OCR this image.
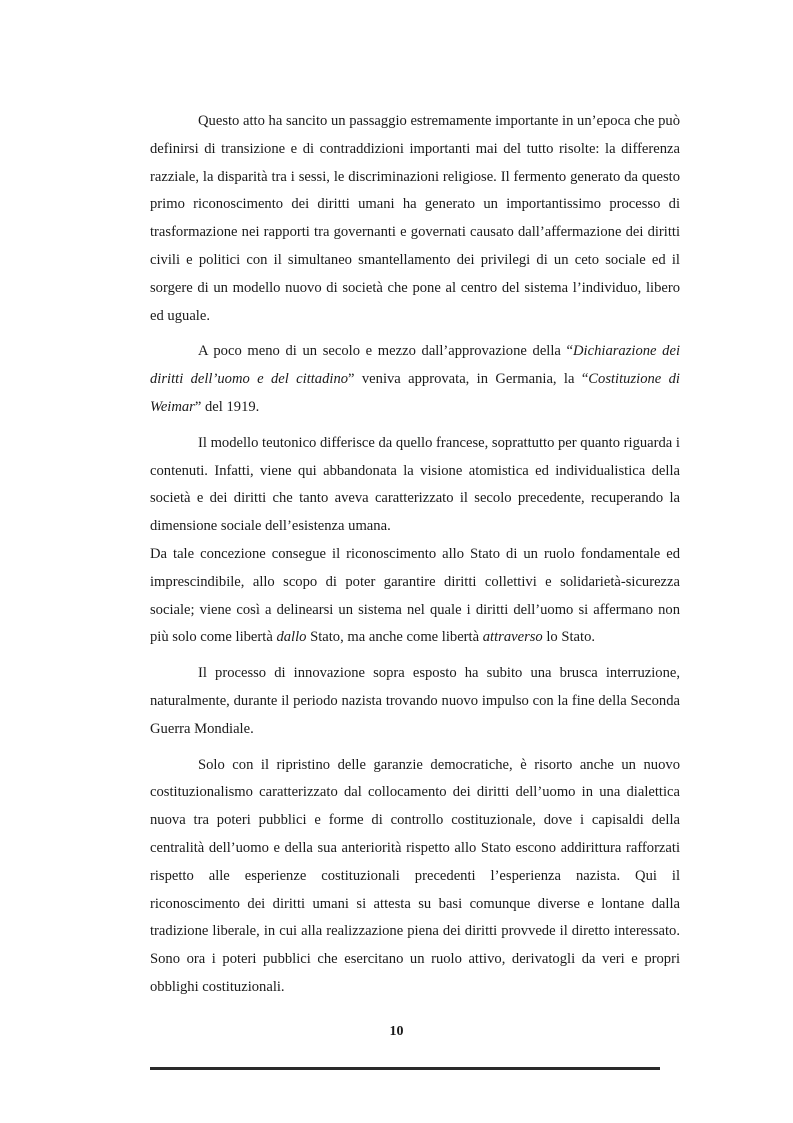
Questo atto ha sancito un passaggio estremamente importante in un’epoca che può definirsi di transizione e di contraddizioni importanti mai del tutto risolte: la differenza razziale, la disparità tra i sessi, le discriminazioni religiose. Il fermento generato da questo primo riconoscimento dei diritti umani ha generato un importantissimo processo di trasformazione nei rapporti tra governanti e governati causato dall’affermazione dei diritti civili e politici con il simultaneo smantellamento dei privilegi di un ceto sociale ed il sorgere di un modello nuovo di società che pone al centro del sistema l’individuo, libero ed uguale.

A poco meno di un secolo e mezzo dall’approvazione della “Dichiarazione dei diritti dell’uomo e del cittadino” veniva approvata, in Germania, la “Costituzione di Weimar” del 1919.

Il modello teutonico differisce da quello francese, soprattutto per quanto riguarda i contenuti. Infatti, viene qui abbandonata la visione atomistica ed individualistica della società e dei diritti che tanto aveva caratterizzato il secolo precedente, recuperando la dimensione sociale dell’esistenza umana.

Da tale concezione consegue il riconoscimento allo Stato di un ruolo fondamentale ed imprescindibile, allo scopo di poter garantire diritti collettivi e solidarietà-sicurezza sociale; viene così a delinearsi un sistema nel quale i diritti dell’uomo si affermano non più solo come libertà dallo Stato, ma anche come libertà attraverso lo Stato.

Il processo di innovazione sopra esposto ha subito una brusca interruzione, naturalmente, durante il periodo nazista trovando nuovo impulso con la fine della Seconda Guerra Mondiale.

Solo con il ripristino delle garanzie democratiche, è risorto anche un nuovo costituzionalismo caratterizzato dal collocamento dei diritti dell’uomo in una dialettica nuova tra poteri pubblici e forme di controllo costituzionale, dove i capisaldi della centralità dell’uomo e della sua anteriorità rispetto allo Stato escono addirittura rafforzati rispetto alle esperienze costituzionali precedenti l’esperienza nazista. Qui il riconoscimento dei diritti umani si attesta su basi comunque diverse e lontane dalla tradizione liberale, in cui alla realizzazione piena dei diritti provvede il diretto interessato. Sono ora i poteri pubblici che esercitano un ruolo attivo, derivatogli da veri e propri obblighi costituzionali.

10
